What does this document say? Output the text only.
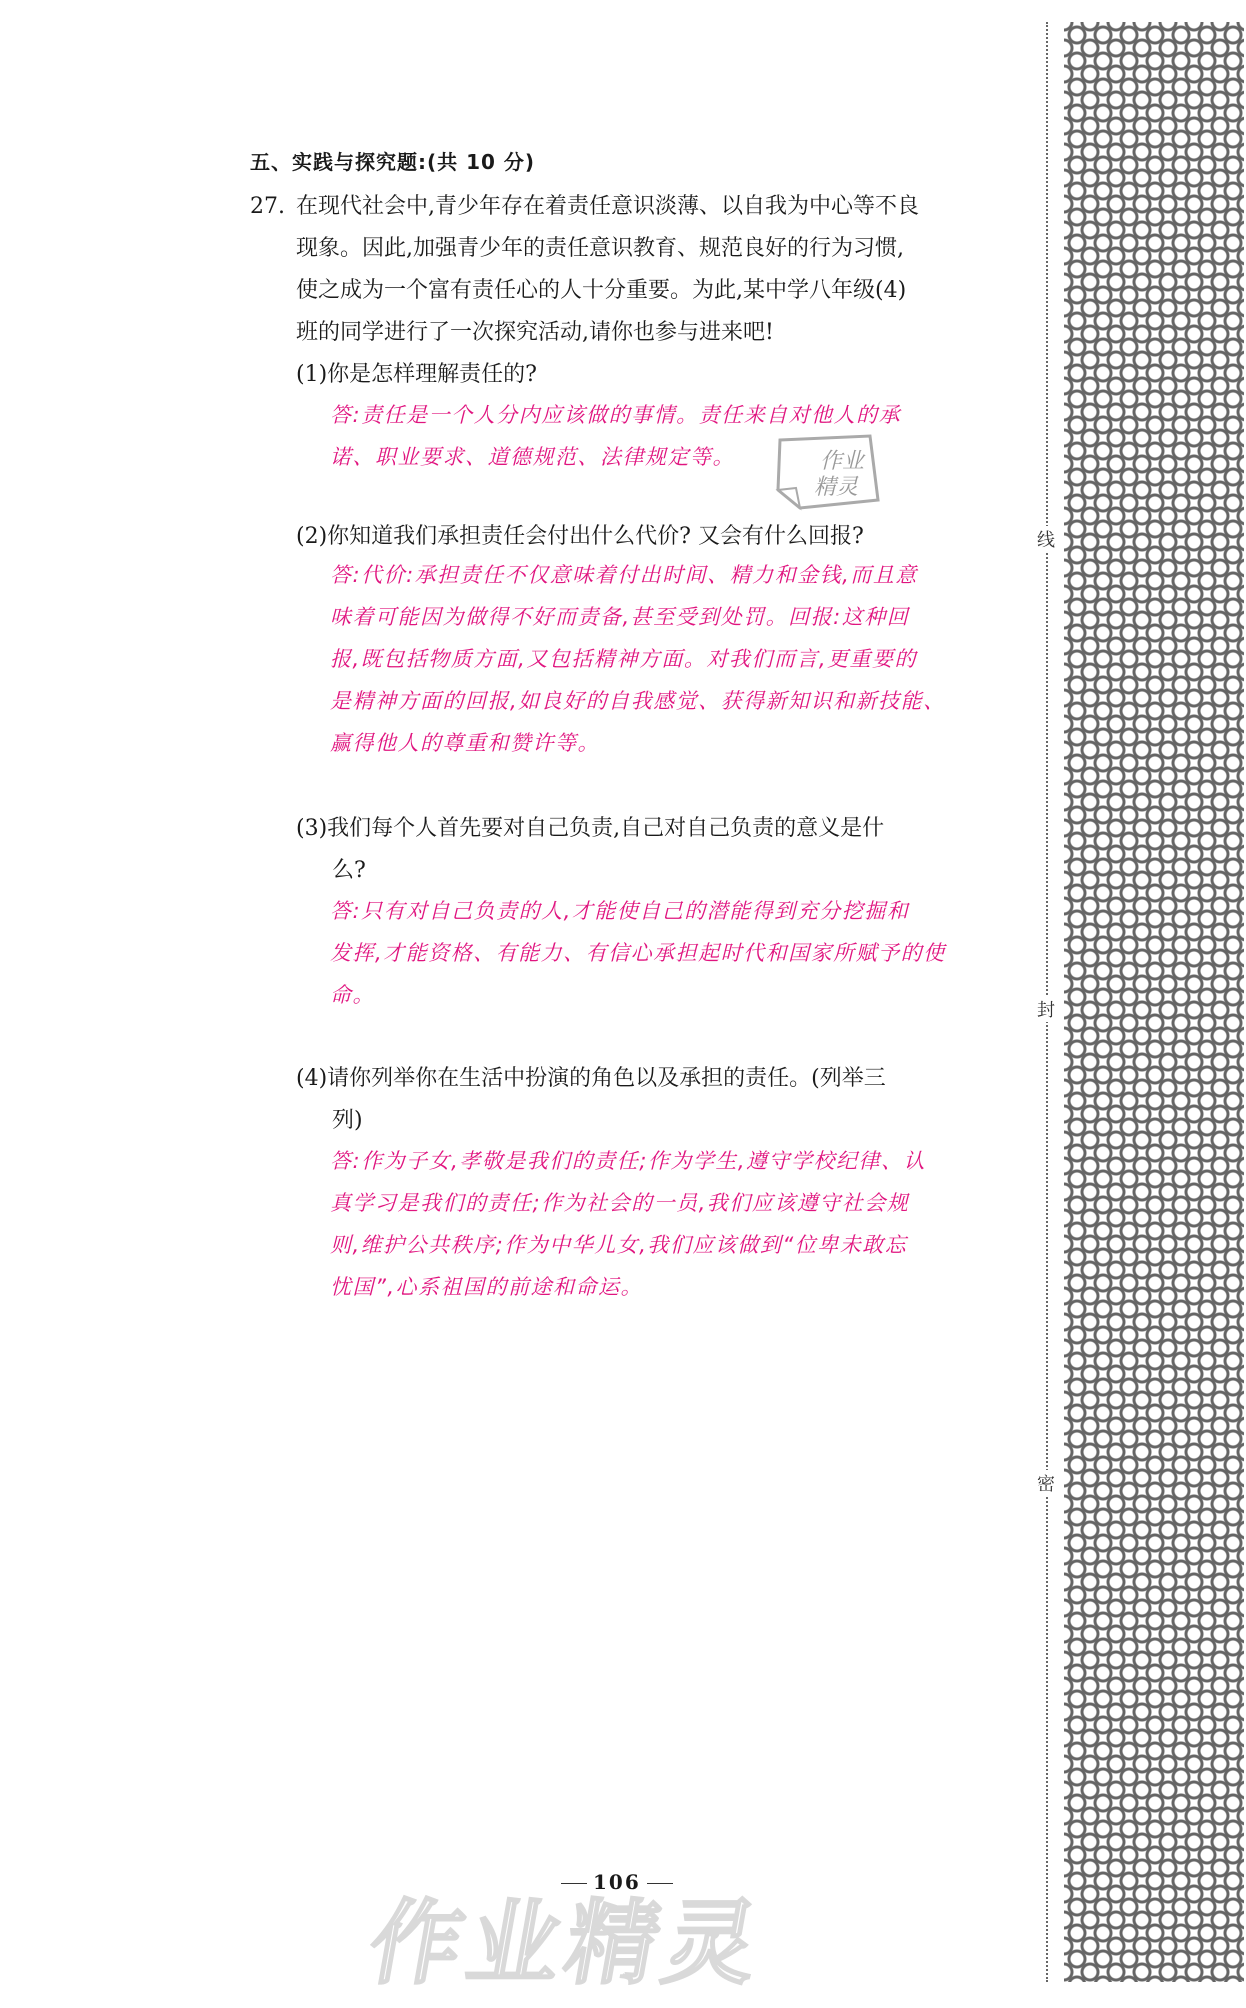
五、实践与探究题:(共 10 分)
27. 在现代社会中,青少年存在着责任意识淡薄、以自我为中心等不良
现象。因此,加强青少年的责任意识教育、规范良好的行为习惯,
使之成为一个富有责任心的人十分重要。为此,某中学八年级(4)
班的同学进行了一次探究活动,请你也参与进来吧!
(1)你是怎样理解责任的?
答:责任是一个人分内应该做的事情。责任来自对他人的承
诺、职业要求、道德规范、法律规定等。	作业
精灵
(2)你知道我们承担责任会付出什么代价? 又会有什么回报?
答:代价:承担责任不仅意味着付出时间、精力和金钱,而且意
味着可能因为做得不好而责备,甚至受到处罚。回报:这种回
报,既包括物质方面,又包括精神方面。对我们而言,更重要的
是精神方面的回报,如良好的自我感觉、获得新知识和新技能、
赢得他人的尊重和赞许等。
(3)我们每个人首先要对自己负责,自己对自己负责的意义是什
么?
答:只有对自己负责的人,才能使自己的潜能得到充分挖掘和
发挥,才能资格、有能力、有信心承担起时代和国家所赋予的使
命。
(4)请你列举你在生活中扮演的角色以及承担的责任。(列举三
列)
答:作为子女,孝敬是我们的责任;作为学生,遵守学校纪律、认
真学习是我们的责任;作为社会的一员,我们应该遵守社会规
则,维护公共秩序;作为中华儿女,我们应该做到“位卑未敢忘
忧国”,心系祖国的前途和命运。
作业精灵
106
线
封
密
